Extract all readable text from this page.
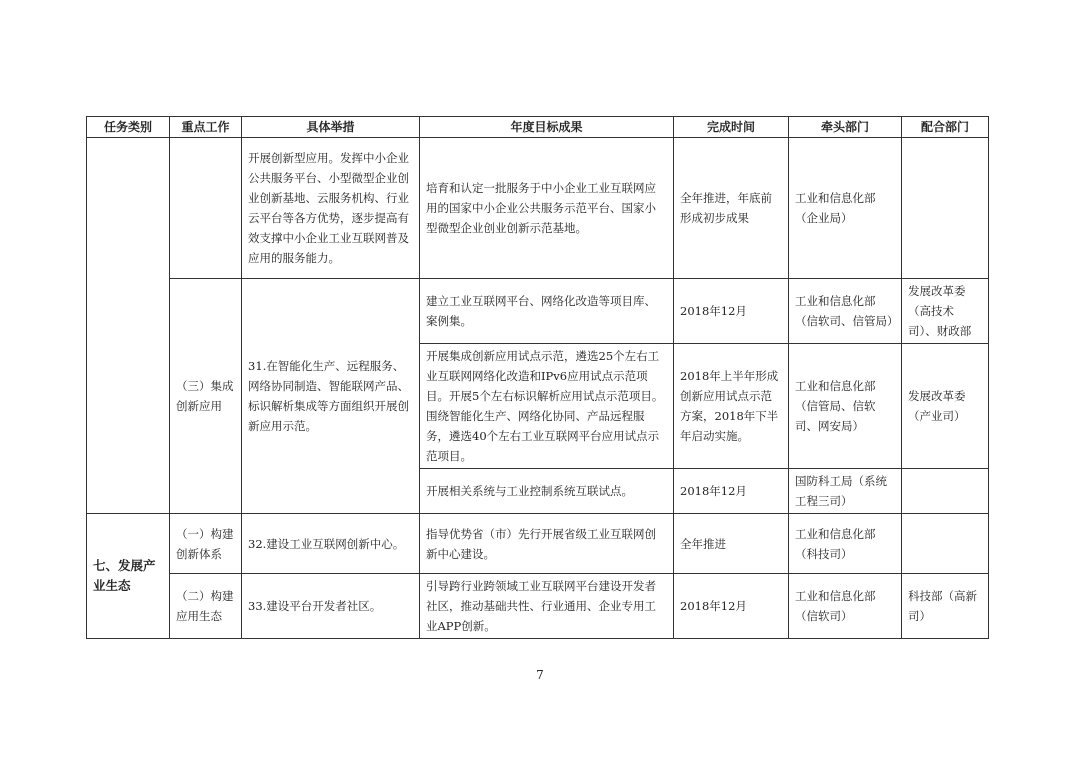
任务类别	重点工作	具体举措	年度目标成果	完成时间	牵头部门	配合部门
		开展创新型应用。发挥中小企业公共服务平台、小型微型企业创业创新基地、云服务机构、行业云平台等各方优势，逐步提高有效支撑中小企业工业互联网普及应用的服务能力。	培育和认定一批服务于中小企业工业互联网应用的国家中小企业公共服务示范平台、国家小型微型企业创业创新示范基地。	全年推进，年底前形成初步成果	工业和信息化部（企业局）	
	（三）集成创新应用	31.在智能化生产、远程服务、网络协同制造、智能联网产品、标识解析集成等方面组织开展创新应用示范。	建立工业互联网平台、网络化改造等项目库、案例集。	2018年12月	工业和信息化部（信软司、信管局）	发展改革委（高技术司）、财政部
			开展集成创新应用试点示范，遴选25个左右工业互联网网络化改造和IPv6应用试点示范项目。开展5个左右标识解析应用试点示范项目。围绕智能化生产、网络化协同、产品远程服务，遴选40个左右工业互联网平台应用试点示范项目。	2018年上半年形成创新应用试点示范方案，2018年下半年启动实施。	工业和信息化部（信管局、信软司、网安局）	发展改革委（产业司）
			开展相关系统与工业控制系统互联试点。	2018年12月	国防科工局（系统工程三司）	

七、发展产业生态	（一）构建创新体系	32.建设工业互联网创新中心。	指导优势省（市）先行开展省级工业互联网创新中心建设。	全年推进	工业和信息化部（科技司）	
	（二）构建应用生态	33.建设平台开发者社区。	引导跨行业跨领域工业互联网平台建设开发者社区，推动基础共性、行业通用、企业专用工业APP创新。	2018年12月	工业和信息化部（信软司）	科技部（高新司）
7
